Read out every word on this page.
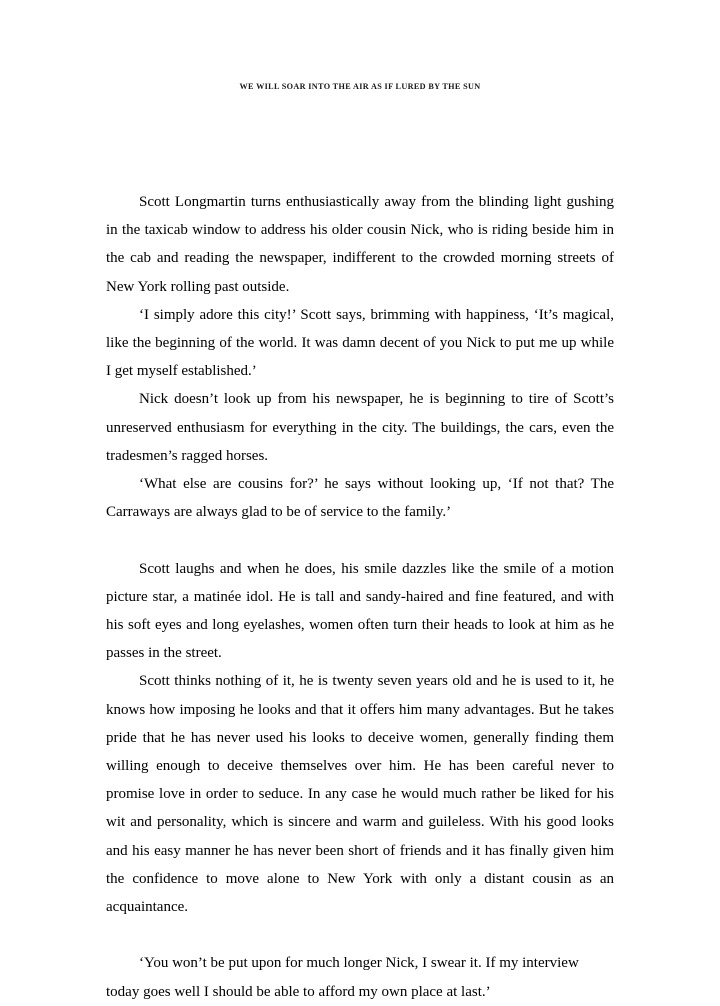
WE WILL SOAR INTO THE AIR AS IF LURED BY THE SUN

Scott Longmartin turns enthusiastically away from the blinding light gushing in the taxicab window to address his older cousin Nick, who is riding beside him in the cab and reading the newspaper, indifferent to the crowded morning streets of New York rolling past outside.

‘I simply adore this city!’ Scott says, brimming with happiness, ‘It’s magical, like the beginning of the world. It was damn decent of you Nick to put me up while I get myself established.’

Nick doesn’t look up from his newspaper, he is beginning to tire of Scott’s unreserved enthusiasm for everything in the city. The buildings, the cars, even the tradesmen’s ragged horses.

‘What else are cousins for?’ he says without looking up, ‘If not that? The Carraways are always glad to be of service to the family.’

Scott laughs and when he does, his smile dazzles like the smile of a motion picture star, a matinée idol. He is tall and sandy-haired and fine featured, and with his soft eyes and long eyelashes, women often turn their heads to look at him as he passes in the street.

Scott thinks nothing of it, he is twenty seven years old and he is used to it, he knows how imposing he looks and that it offers him many advantages. But he takes pride that he has never used his looks to deceive women, generally finding them willing enough to deceive themselves over him. He has been careful never to promise love in order to seduce. In any case he would much rather be liked for his wit and personality, which is sincere and warm and guileless. With his good looks and his easy manner he has never been short of friends and it has finally given him the confidence to move alone to New York with only a distant cousin as an acquaintance.

‘You won’t be put upon for much longer Nick, I swear it. If my interview today goes well I should be able to afford my own place at last.’
